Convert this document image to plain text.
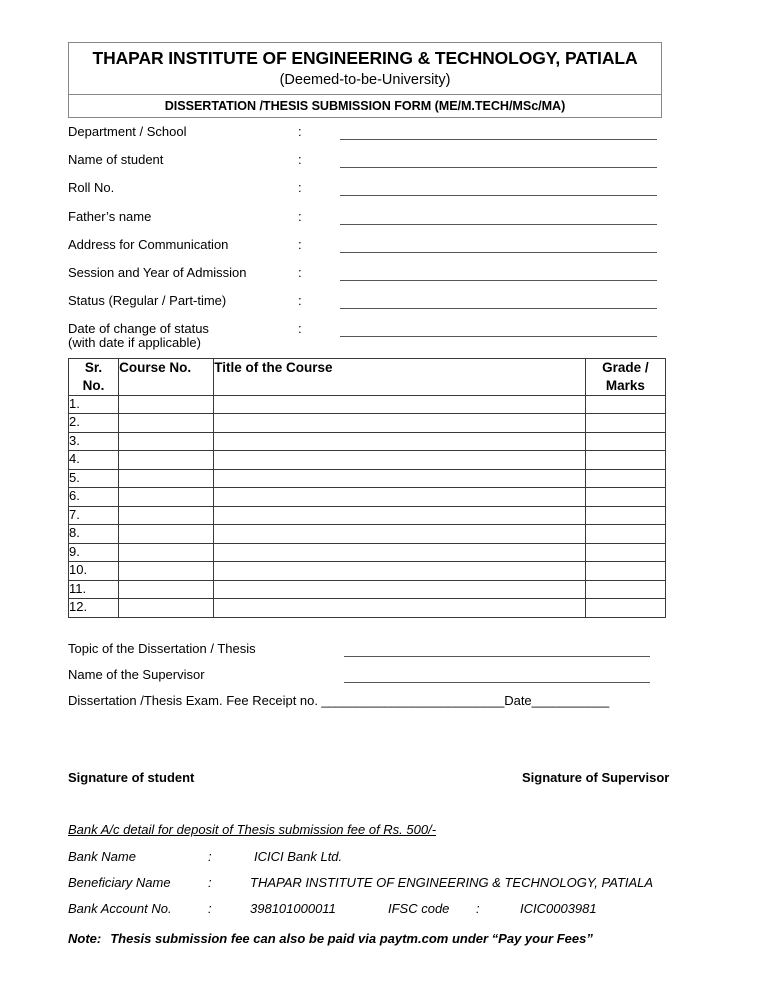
THAPAR INSTITUTE OF ENGINEERING & TECHNOLOGY, PATIALA
(Deemed-to-be-University)
DISSERTATION /THESIS SUBMISSION FORM (ME/M.TECH/MSc/MA)
Department / School	:
Name of student	:
Roll No.	:
Father’s name	:
Address for Communication	:
Session and Year of Admission	:
Status (Regular / Part-time)	:
Date of change of status	:
(with date if applicable)
Sr.
No.	Course No.	Title of the Course	Grade /
Marks
1.			
2.			
3.			
4.			
5.			
6.			
7.			
8.			
9.			
10.			
11.			
12.			
Topic of the Dissertation / Thesis
Name of the Supervisor
Dissertation /Thesis Exam. Fee Receipt no. __________________________Date___________
Signature of student	Signature of Supervisor
Bank A/c detail for deposit of Thesis submission fee of Rs. 500/-
Bank Name	:	ICICI Bank Ltd.
Beneficiary Name	:	THAPAR INSTITUTE OF ENGINEERING & TECHNOLOGY, PATIALA
Bank Account No.	:	398101000011	IFSC code :	ICIC0003981
Note: Thesis submission fee can also be paid via paytm.com under “Pay your Fees”
